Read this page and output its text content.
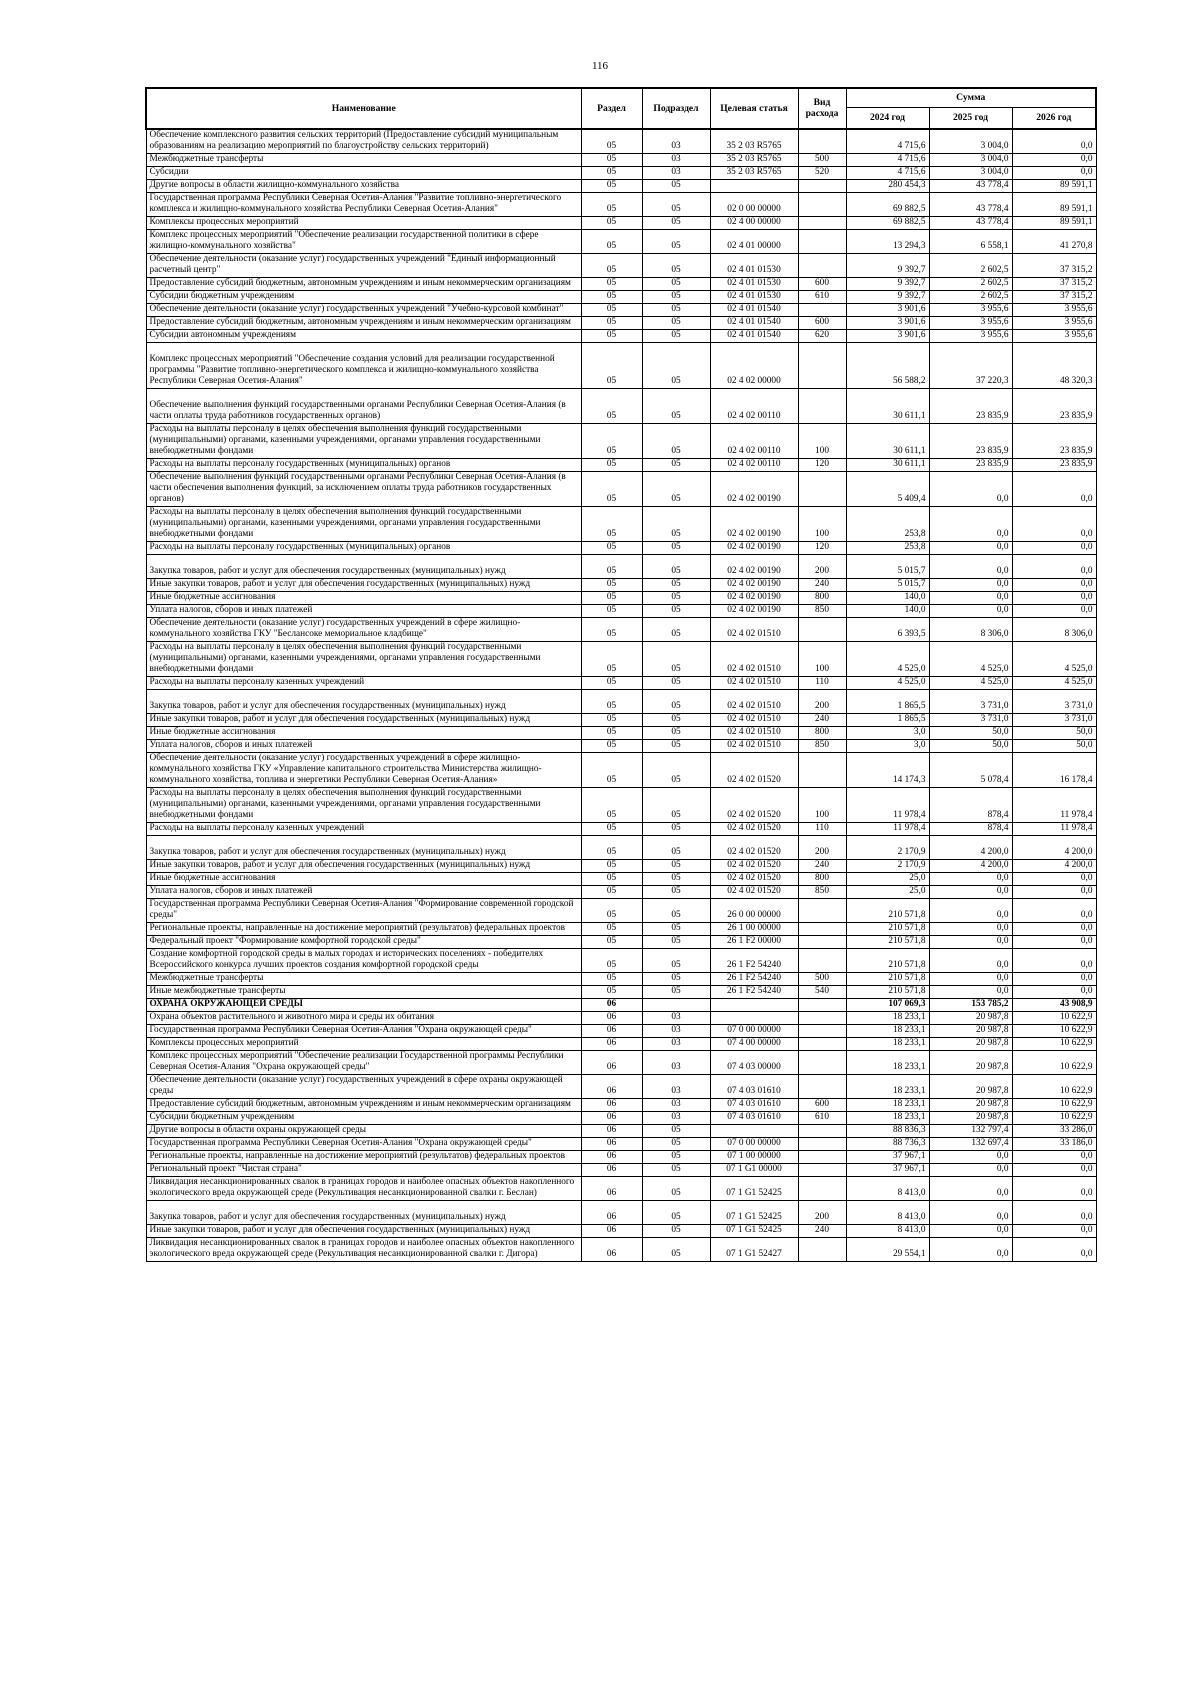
116
Наименование	Раздел	Подраздел	Целевая статья	Вид расхода	Сумма		
					2024 год	2025 год	2026 год
Обеспечение комплексного развития сельских территорий (Предоставление субсидий муниципальным образованиям на реализацию мероприятий по благоустройству сельских территорий)	05	03	35 2 03 R5765		4 715,6	3 004,0	0,0
Межбюджетные трансферты	05	03	35 2 03 R5765	500	4 715,6	3 004,0	0,0
Субсидии	05	03	35 2 03 R5765	520	4 715,6	3 004,0	0,0
Другие вопросы в области жилищно-коммунального хозяйства	05	05			280 454,3	43 778,4	89 591,1
Государственная программа Республики Северная Осетия-Алания "Развитие топливно-энергетического комплекса и жилищно-коммунального хозяйства Республики Северная Осетия-Алания"	05	05	02 0 00 00000		69 882,5	43 778,4	89 591,1
Комплексы процессных мероприятий	05	05	02 4 00 00000		69 882,5	43 778,4	89 591,1
Комплекс процессных мероприятий "Обеспечение реализации государственной политики в сфере жилищно-коммунального хозяйства"	05	05	02 4 01 00000		13 294,3	6 558,1	41 270,8
Обеспечение деятельности (оказание услуг) государственных учреждений "Единый информационный расчетный центр"	05	05	02 4 01 01530		9 392,7	2 602,5	37 315,2
Предоставление субсидий бюджетным, автономным учреждениям и иным некоммерческим организациям	05	05	02 4 01 01530	600	9 392,7	2 602,5	37 315,2
Субсидии бюджетным учреждениям	05	05	02 4 01 01530	610	9 392,7	2 602,5	37 315,2
Обеспечение деятельности (оказание услуг) государственных учреждений "Учебно-курсовой комбинат"	05	05	02 4 01 01540		3 901,6	3 955,6	3 955,6
Предоставление субсидий бюджетным, автономным учреждениям и иным некоммерческим организациям	05	05	02 4 01 01540	600	3 901,6	3 955,6	3 955,6
Субсидии автономным учреждениям	05	05	02 4 01 01540	620	3 901,6	3 955,6	3 955,6
Комплекс процессных мероприятий "Обеспечение создания условий для реализации государственной программы "Развитие топливно-энергетического комплекса и жилищно-коммунального хозяйства Республики Северная Осетия-Алания"	05	05	02 4 02 00000		56 588,2	37 220,3	48 320,3
Обеспечение выполнения функций государственными органами Республики Северная Осетия-Алания (в части оплаты труда работников государственных органов)	05	05	02 4 02 00110		30 611,1	23 835,9	23 835,9
Расходы на выплаты персоналу в целях обеспечения выполнения функций государственными (муниципальными) органами, казенными учреждениями, органами управления государственными внебюджетными фондами	05	05	02 4 02 00110	100	30 611,1	23 835,9	23 835,9
Расходы на выплаты персоналу государственных (муниципальных) органов	05	05	02 4 02 00110	120	30 611,1	23 835,9	23 835,9
Обеспечение выполнения функций государственными органами Республики Северная Осетия-Алания (в части обеспечения выполнения функций, за исключением оплаты труда работников государственных органов)	05	05	02 4 02 00190		5 409,4	0,0	0,0
Расходы на выплаты персоналу в целях обеспечения выполнения функций государственными (муниципальными) органами, казенными учреждениями, органами управления государственными внебюджетными фондами	05	05	02 4 02 00190	100	253,8	0,0	0,0
Расходы на выплаты персоналу государственных (муниципальных) органов	05	05	02 4 02 00190	120	253,8	0,0	0,0
Закупка товаров, работ и услуг для обеспечения государственных (муниципальных) нужд	05	05	02 4 02 00190	200	5 015,7	0,0	0,0
Иные закупки товаров, работ и услуг для обеспечения государственных (муниципальных) нужд	05	05	02 4 02 00190	240	5 015,7	0,0	0,0
Иные бюджетные ассигнования	05	05	02 4 02 00190	800	140,0	0,0	0,0
Уплата налогов, сборов и иных платежей	05	05	02 4 02 00190	850	140,0	0,0	0,0
Обеспечение деятельности (оказание услуг) государственных учреждений в сфере жилищно-коммунального хозяйства ГКУ "Беслансоке мемориальное кладбище"	05	05	02 4 02 01510		6 393,5	8 306,0	8 306,0
Расходы на выплаты персоналу в целях обеспечения выполнения функций государственными (муниципальными) органами, казенными учреждениями, органами управления государственными внебюджетными фондами	05	05	02 4 02 01510	100	4 525,0	4 525,0	4 525,0
Расходы на выплаты персоналу казенных учреждений	05	05	02 4 02 01510	110	4 525,0	4 525,0	4 525,0
Закупка товаров, работ и услуг для обеспечения государственных (муниципальных) нужд	05	05	02 4 02 01510	200	1 865,5	3 731,0	3 731,0
Иные закупки товаров, работ и услуг для обеспечения государственных (муниципальных) нужд	05	05	02 4 02 01510	240	1 865,5	3 731,0	3 731,0
Иные бюджетные ассигнования	05	05	02 4 02 01510	800	3,0	50,0	50,0
Уплата налогов, сборов и иных платежей	05	05	02 4 02 01510	850	3,0	50,0	50,0
Обеспечение деятельности (оказание услуг) государственных учреждений в сфере жилищно-коммунального хозяйства ГКУ «Управление капитального строительства Министерства жилищно-коммунального хозяйства, топлива и энергетики Республики Северная Осетия-Алания»	05	05	02 4 02 01520		14 174,3	5 078,4	16 178,4
Расходы на выплаты персоналу в целях обеспечения выполнения функций государственными (муниципальными) органами, казенными учреждениями, органами управления государственными внебюджетными фондами	05	05	02 4 02 01520	100	11 978,4	878,4	11 978,4
Расходы на выплаты персоналу казенных учреждений	05	05	02 4 02 01520	110	11 978,4	878,4	11 978,4
Закупка товаров, работ и услуг для обеспечения государственных (муниципальных) нужд	05	05	02 4 02 01520	200	2 170,9	4 200,0	4 200,0
Иные закупки товаров, работ и услуг для обеспечения государственных (муниципальных) нужд	05	05	02 4 02 01520	240	2 170,9	4 200,0	4 200,0
Иные бюджетные ассигнования	05	05	02 4 02 01520	800	25,0	0,0	0,0
Уплата налогов, сборов и иных платежей	05	05	02 4 02 01520	850	25,0	0,0	0,0
Государственная программа Республики Северная Осетия-Алания "Формирование современной городской среды"	05	05	26 0 00 00000		210 571,8	0,0	0,0
Региональные проекты, направленные на достижение мероприятий (результатов) федеральных проектов	05	05	26 1 00 00000		210 571,8	0,0	0,0
Федеральный проект "Формирование комфортной городской среды"	05	05	26 1 F2 00000		210 571,8	0,0	0,0
Создание комфортной городской среды в малых городах и исторических поселениях - победителях Всероссийского конкурса лучших проектов создания комфортной городской среды	05	05	26 1 F2 54240		210 571,8	0,0	0,0
Межбюджетные трансферты	05	05	26 1 F2 54240	500	210 571,8	0,0	0,0
Иные межбюджетные трансферты	05	05	26 1 F2 54240	540	210 571,8	0,0	0,0
ОХРАНА ОКРУЖАЮЩЕЙ СРЕДЫ	06				107 069,3	153 785,2	43 908,9
Охрана объектов растительного и животного мира и среды их обитания	06	03			18 233,1	20 987,8	10 622,9
Государственная программа Республики Северная Осетия-Алания "Охрана окружающей среды"	06	03	07 0 00 00000		18 233,1	20 987,8	10 622,9
Комплексы процессных мероприятий	06	03	07 4 00 00000		18 233,1	20 987,8	10 622,9
Комплекс процессных мероприятий "Обеспечение реализации Государственной программы Республики Северная Осетия-Алания "Охрана окружающей среды"	06	03	07 4 03 00000		18 233,1	20 987,8	10 622,9
Обеспечение деятельности (оказание услуг) государственных учреждений в сфере охраны окружающей среды	06	03	07 4 03 01610		18 233,1	20 987,8	10 622,9
Предоставление субсидий бюджетным, автономным учреждениям и иным некоммерческим организациям	06	03	07 4 03 01610	600	18 233,1	20 987,8	10 622,9
Субсидии бюджетным учреждениям	06	03	07 4 03 01610	610	18 233,1	20 987,8	10 622,9
Другие вопросы в области охраны окружающей среды	06	05			88 836,3	132 797,4	33 286,0
Государственная программа Республики Северная Осетия-Алания "Охрана окружающей среды"	06	05	07 0 00 00000		88 736,3	132 697,4	33 186,0
Региональные проекты, направленные на достижение мероприятий (результатов) федеральных проектов	06	05	07 1 00 00000		37 967,1	0,0	0,0
Региональный проект "Чистая страна"	06	05	07 1 G1 00000		37 967,1	0,0	0,0
Ликвидация несанкционированных свалок в границах городов и наиболее опасных объектов накопленного экологического вреда окружающей среде (Рекультивация несанкционированной свалки г. Беслан)	06	05	07 1 G1 52425		8 413,0	0,0	0,0
Закупка товаров, работ и услуг для обеспечения государственных (муниципальных) нужд	06	05	07 1 G1 52425	200	8 413,0	0,0	0,0
Иные закупки товаров, работ и услуг для обеспечения государственных (муниципальных) нужд	06	05	07 1 G1 52425	240	8 413,0	0,0	0,0
Ликвидация несанкционированных свалок в границах городов и наиболее опасных объектов накопленного экологического вреда окружающей среде (Рекультивация несанкционированной свалки г. Дигора)	06	05	07 1 G1 52427		29 554,1	0,0	0,0
